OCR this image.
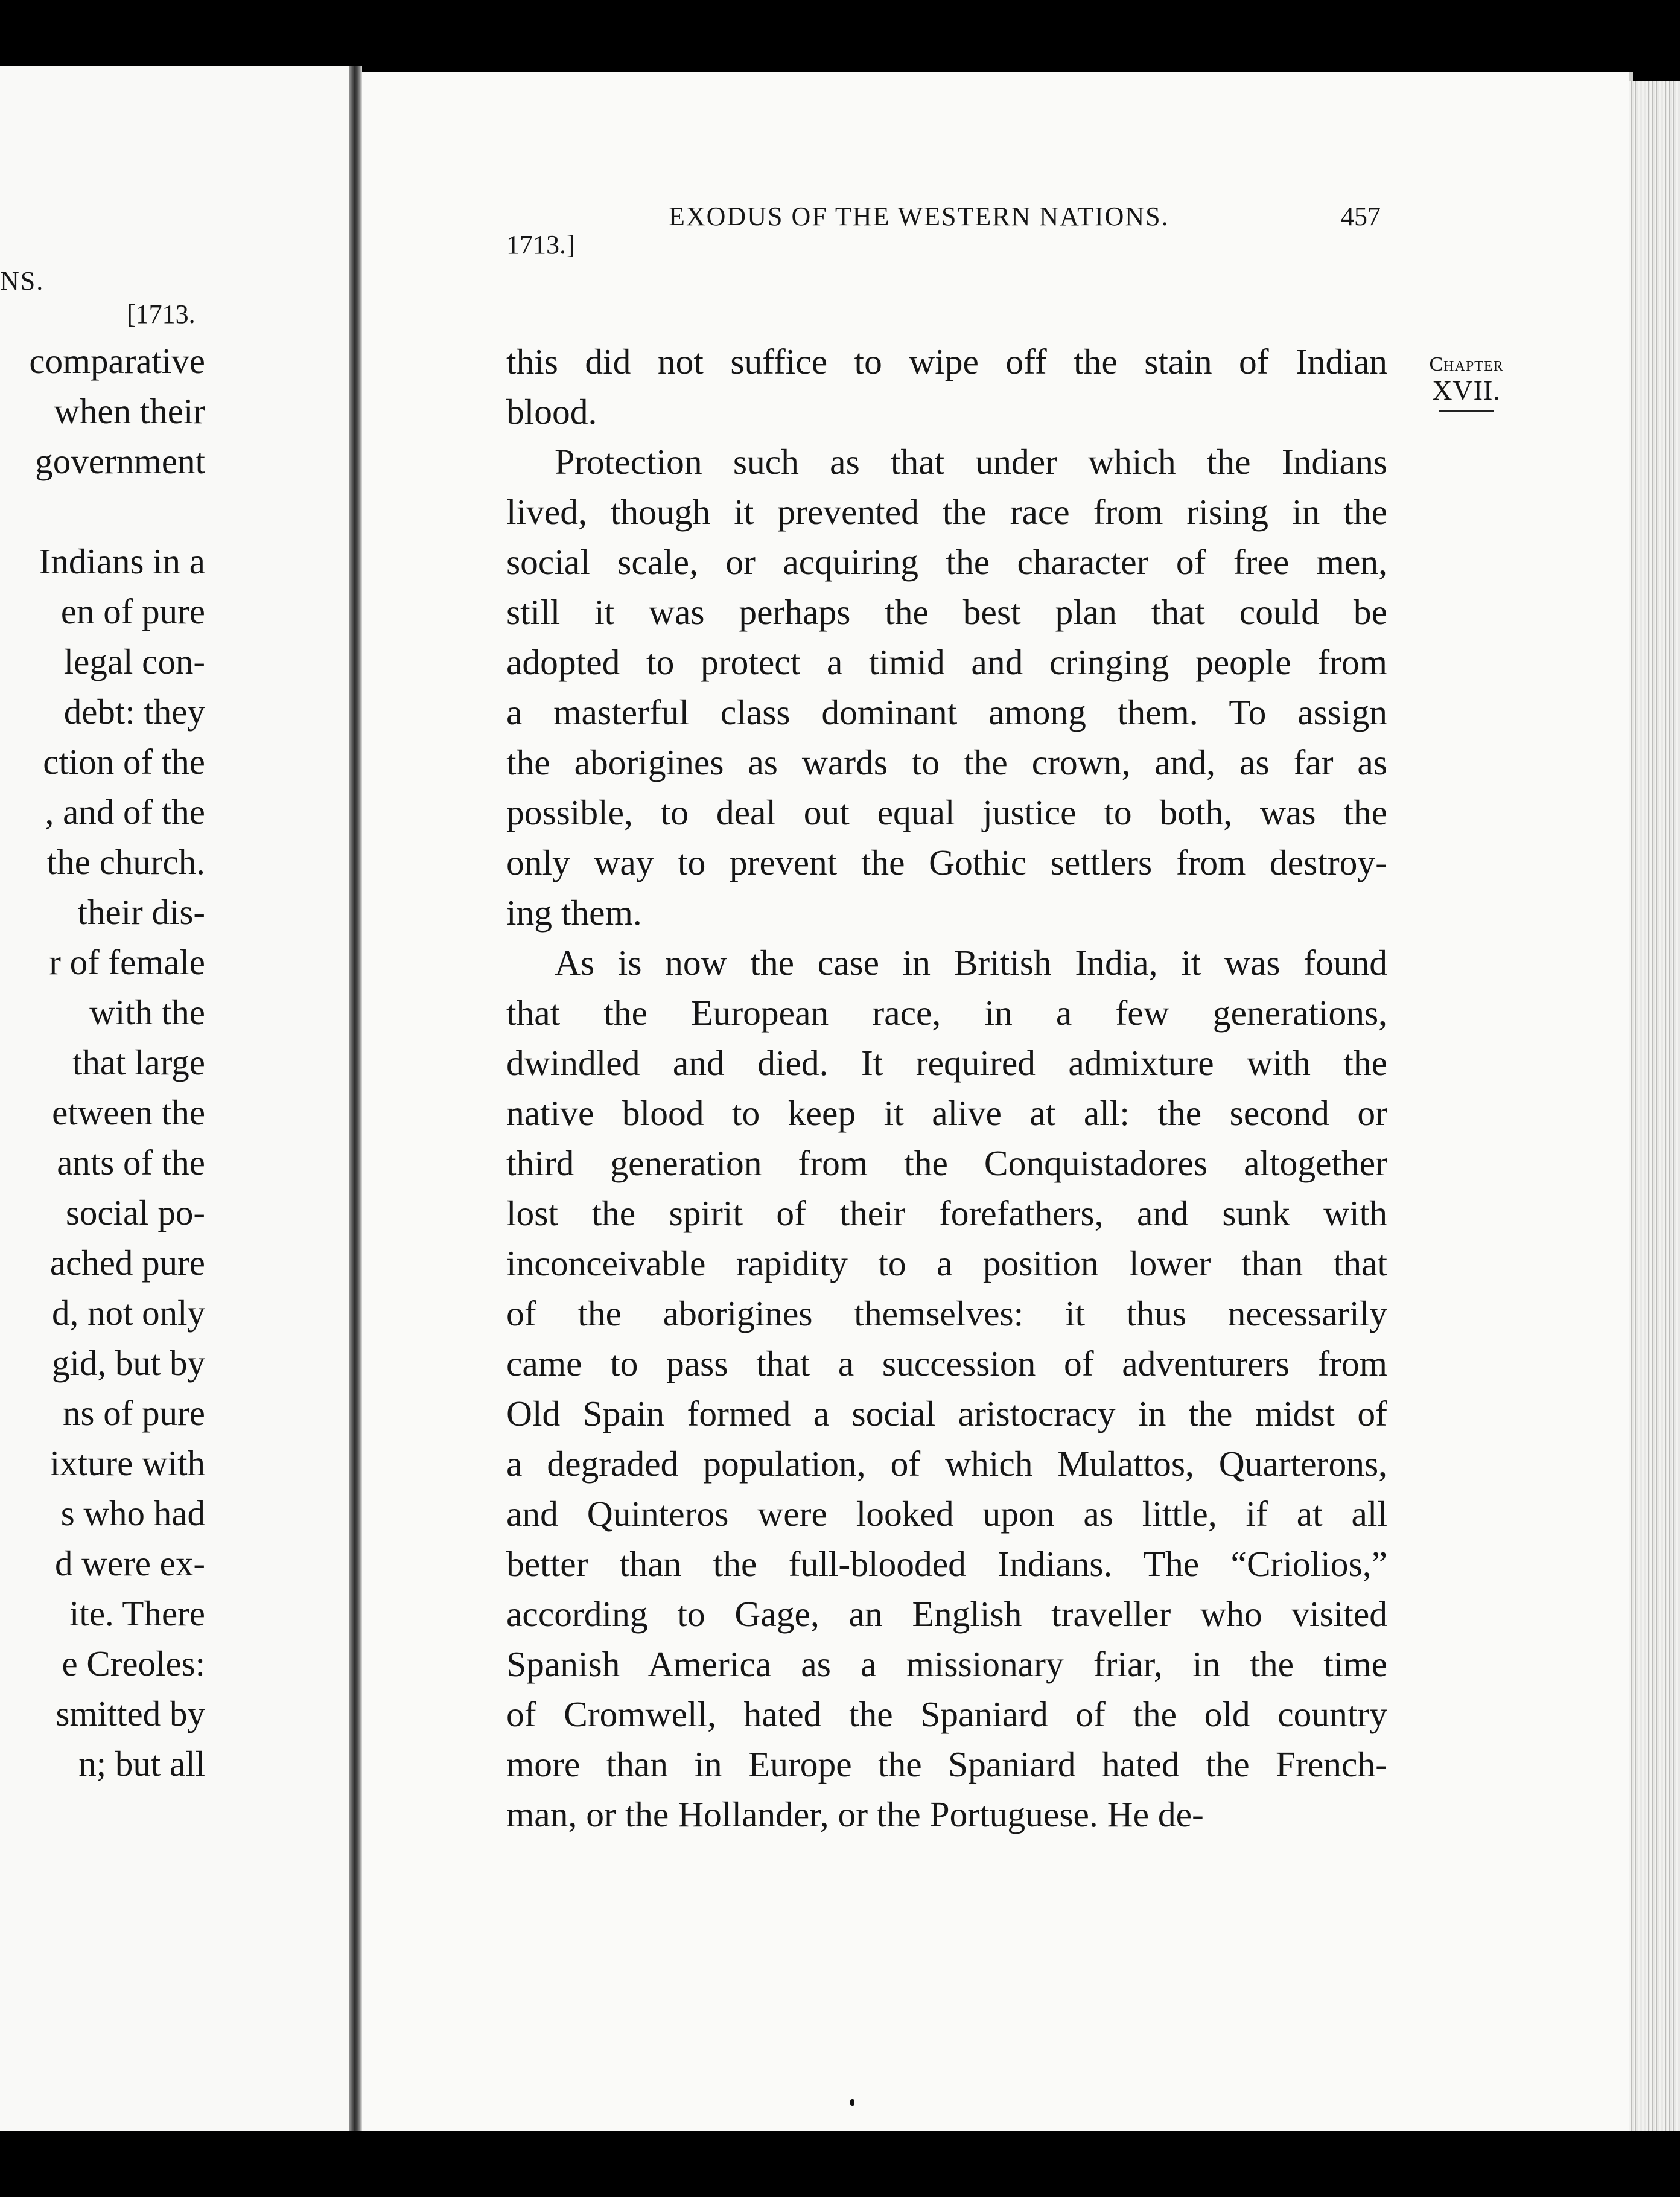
NS.
[1713.
comparative
when their
government

Indians in a
en of pure
legal con-
debt: they
ction of the
, and of the
the church.
their dis-
r of female
with the
that large
etween the
ants of the
social po-
ached pure
d, not only
gid, but by
ns of pure
ixture with
s who had
d were ex-
ite. There
e Creoles:
smitted by
n; but all
EXODUS OF THE WESTERN NATIONS.	457
1713.]
Chapter
XVII.
this did not suffice to wipe off the stain of Indian
blood.
Protection such as that under which the Indians
lived, though it prevented the race from rising in the
social scale, or acquiring the character of free men,
still it was perhaps the best plan that could be
adopted to protect a timid and cringing people from
a masterful class dominant among them. To assign
the aborigines as wards to the crown, and, as far as
possible, to deal out equal justice to both, was the
only way to prevent the Gothic settlers from destroy-
ing them.
As is now the case in British India, it was found
that the European race, in a few generations,
dwindled and died. It required admixture with the
native blood to keep it alive at all: the second or
third generation from the Conquistadores altogether
lost the spirit of their forefathers, and sunk with
inconceivable rapidity to a position lower than that
of the aborigines themselves: it thus necessarily
came to pass that a succession of adventurers from
Old Spain formed a social aristocracy in the midst of
a degraded population, of which Mulattos, Quarterons,
and Quinteros were looked upon as little, if at all
better than the full-blooded Indians. The “Criolios,”
according to Gage, an English traveller who visited
Spanish America as a missionary friar, in the time
of Cromwell, hated the Spaniard of the old country
more than in Europe the Spaniard hated the French-
man, or the Hollander, or the Portuguese. He de-
